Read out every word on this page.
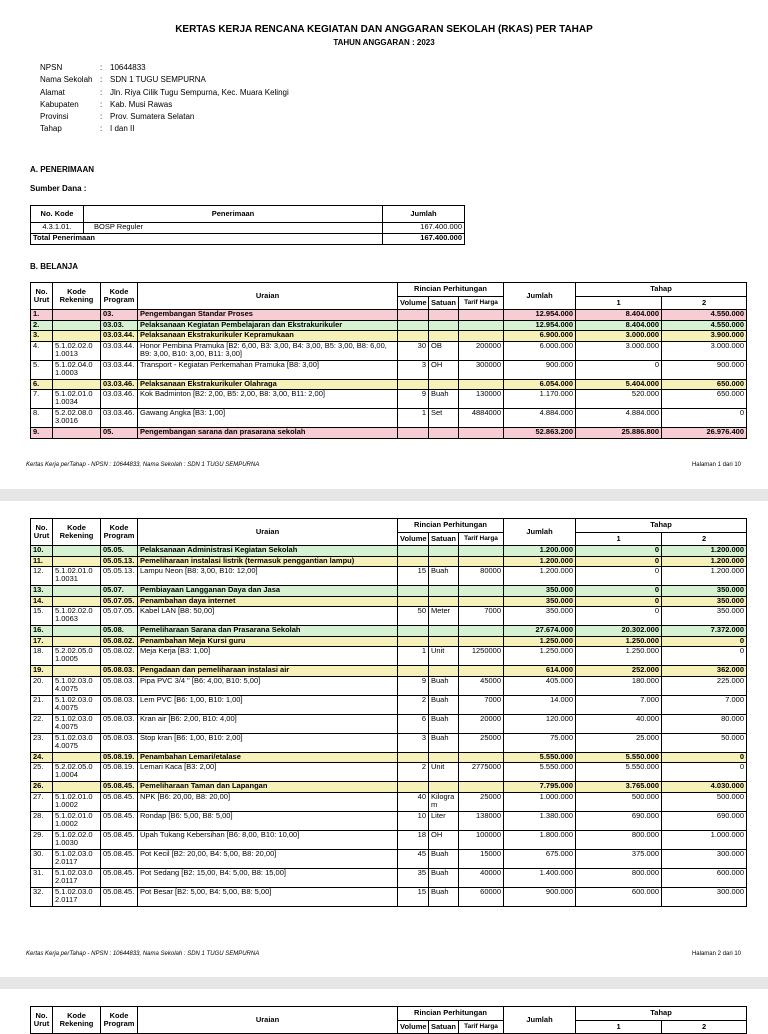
KERTAS KERJA RENCANA KEGIATAN DAN ANGGARAN SEKOLAH (RKAS) PER TAHAP
TAHUN ANGGARAN : 2023
NPSN	:	10644833
Nama Sekolah	:	SDN 1 TUGU SEMPURNA
Alamat	:	Jln. Riya Cilik Tugu Sempurna, Kec. Muara Kelingi
Kabupaten	:	Kab. Musi Rawas
Provinsi	:	Prov. Sumatera Selatan
Tahap	:	I dan II
A. PENERIMAAN
Sumber Dana :
No. Kode	Penerimaan	Jumlah
4.3.1.01.	BOSP Reguler	167.400.000
Total Penerimaan		167.400.000
B. BELANJA
No. Urut	Kode Rekening	Kode Program	Uraian	Rincian Perhitungan			Jumlah	Tahap	
				Volume	Satuan	Tarif Harga		1	2
1.		03.	Pengembangan Standar Proses				12.954.000	8.404.000	4.550.000
2.		03.03.	Pelaksanaan Kegiatan Pembelajaran dan Ekstrakurikuler				12.954.000	8.404.000	4.550.000
3.		03.03.44.	Pelaksanaan Ekstrakurikuler Kepramukaan				6.900.000	3.000.000	3.900.000
4.	5.1.02.02.01.0013	03.03.44.	Honor Pembina Pramuka [B2: 6,00, B3: 3,00, B4: 3,00, B5: 3,00, B8: 6,00, B9: 3,00, B10: 3,00, B11: 3,00]	30	OB	200000	6.000.000	3.000.000	3.000.000
5.	5.1.02.04.01.0003	03.03.44.	Transport - Kegiatan Perkemahan Pramuka [B8: 3,00]	3	OH	300000	900.000	0	900.000
6.		03.03.46.	Pelaksanaan Ekstrakurikuler Olahraga				6.054.000	5.404.000	650.000
7.	5.1.02.01.01.0034	03.03.46.	Kok Badminton [B2: 2,00, B5: 2,00, B8: 3,00, B11: 2,00]	9	Buah	130000	1.170.000	520.000	650.000
8.	5.2.02.08.03.0016	03.03.46.	Gawang Angka [B3: 1,00]	1	Set	4884000	4.884.000	4.884.000	0
9.		05.	Pengembangan sarana dan prasarana sekolah				52.863.200	25.886.800	26.976.400
Kertas Kerja perTahap - NPSN : 10644833, Nama Sekolah : SDN 1 TUGU SEMPURNA	Halaman 1 dari 10
No. Urut	Kode Rekening	Kode Program	Uraian	Rincian Perhitungan			Jumlah	Tahap	
				Volume	Satuan	Tarif Harga		1	2
10.		05.05.	Pelaksanaan Administrasi Kegiatan Sekolah				1.200.000	0	1.200.000
11.		05.05.13.	Pemeliharaan instalasi listrik (termasuk penggantian lampu)				1.200.000	0	1.200.000
12.	5.1.02.01.01.0031	05.05.13.	Lampu Neon [B8: 3,00, B10: 12,00]	15	Buah	80000	1.200.000	0	1.200.000
13.		05.07.	Pembiayaan Langganan Daya dan Jasa				350.000	0	350.000
14.		05.07.05.	Penambahan daya internet				350.000	0	350.000
15.	5.1.02.02.01.0063	05.07.05.	Kabel LAN [B8: 50,00]	50	Meter	7000	350.000	0	350.000
16.		05.08.	Pemeliharaan Sarana dan Prasarana Sekolah				27.674.000	20.302.000	7.372.000
17.		05.08.02.	Penambahan Meja Kursi guru				1.250.000	1.250.000	0
18.	5.2.02.05.01.0005	05.08.02.	Meja Kerja [B3: 1,00]	1	Unit	1250000	1.250.000	1.250.000	0
19.		05.08.03.	Pengadaan dan pemeliharaan instalasi air				614.000	252.000	362.000
20.	5.1.02.03.04.0075	05.08.03.	Pipa PVC 3/4 " [B6: 4,00, B10: 5,00]	9	Buah	45000	405.000	180.000	225.000
21.	5.1.02.03.04.0075	05.08.03.	Lem PVC [B6: 1,00, B10: 1,00]	2	Buah	7000	14.000	7.000	7.000
22.	5.1.02.03.04.0075	05.08.03.	Kran air [B6: 2,00, B10: 4,00]	6	Buah	20000	120.000	40.000	80.000
23.	5.1.02.03.04.0075	05.08.03.	Stop kran [B6: 1,00, B10: 2,00]	3	Buah	25000	75.000	25.000	50.000
24.		05.08.19.	Penambahan Lemari/etalase				5.550.000	5.550.000	0
25.	5.2.02.05.01.0004	05.08.19.	Lemari Kaca [B3: 2,00]	2	Unit	2775000	5.550.000	5.550.000	0
26.		05.08.45.	Pemeliharaan Taman dan Lapangan				7.795.000	3.765.000	4.030.000
27.	5.1.02.01.01.0002	05.08.45.	NPK [B6: 20,00, B8: 20,00]	40	Kilogram	25000	1.000.000	500.000	500.000
28.	5.1.02.01.01.0002	05.08.45.	Rondap [B6: 5,00, B8: 5,00]	10	Liter	138000	1.380.000	690.000	690.000
29.	5.1.02.02.01.0030	05.08.45.	Upah Tukang Kebersihan [B6: 8,00, B10: 10,00]	18	OH	100000	1.800.000	800.000	1.000.000
30.	5.1.02.03.02.0117	05.08.45.	Pot Kecil [B2: 20,00, B4: 5,00, B8: 20,00]	45	Buah	15000	675.000	375.000	300.000
31.	5.1.02.03.02.0117	05.08.45.	Pot Sedang [B2: 15,00, B4: 5,00, B8: 15,00]	35	Buah	40000	1.400.000	800.000	600.000
32.	5.1.02.03.02.0117	05.08.45.	Pot Besar [B2: 5,00, B4: 5,00, B8: 5,00]	15	Buah	60000	900.000	600.000	300.000
Kertas Kerja perTahap - NPSN : 10644833, Nama Sekolah : SDN 1 TUGU SEMPURNA	Halaman 2 dari 10
No. Urut	Kode Rekening	Kode Program	Uraian	Rincian Perhitungan			Jumlah	Tahap	
				Volume	Satuan	Tarif Harga		1	2
